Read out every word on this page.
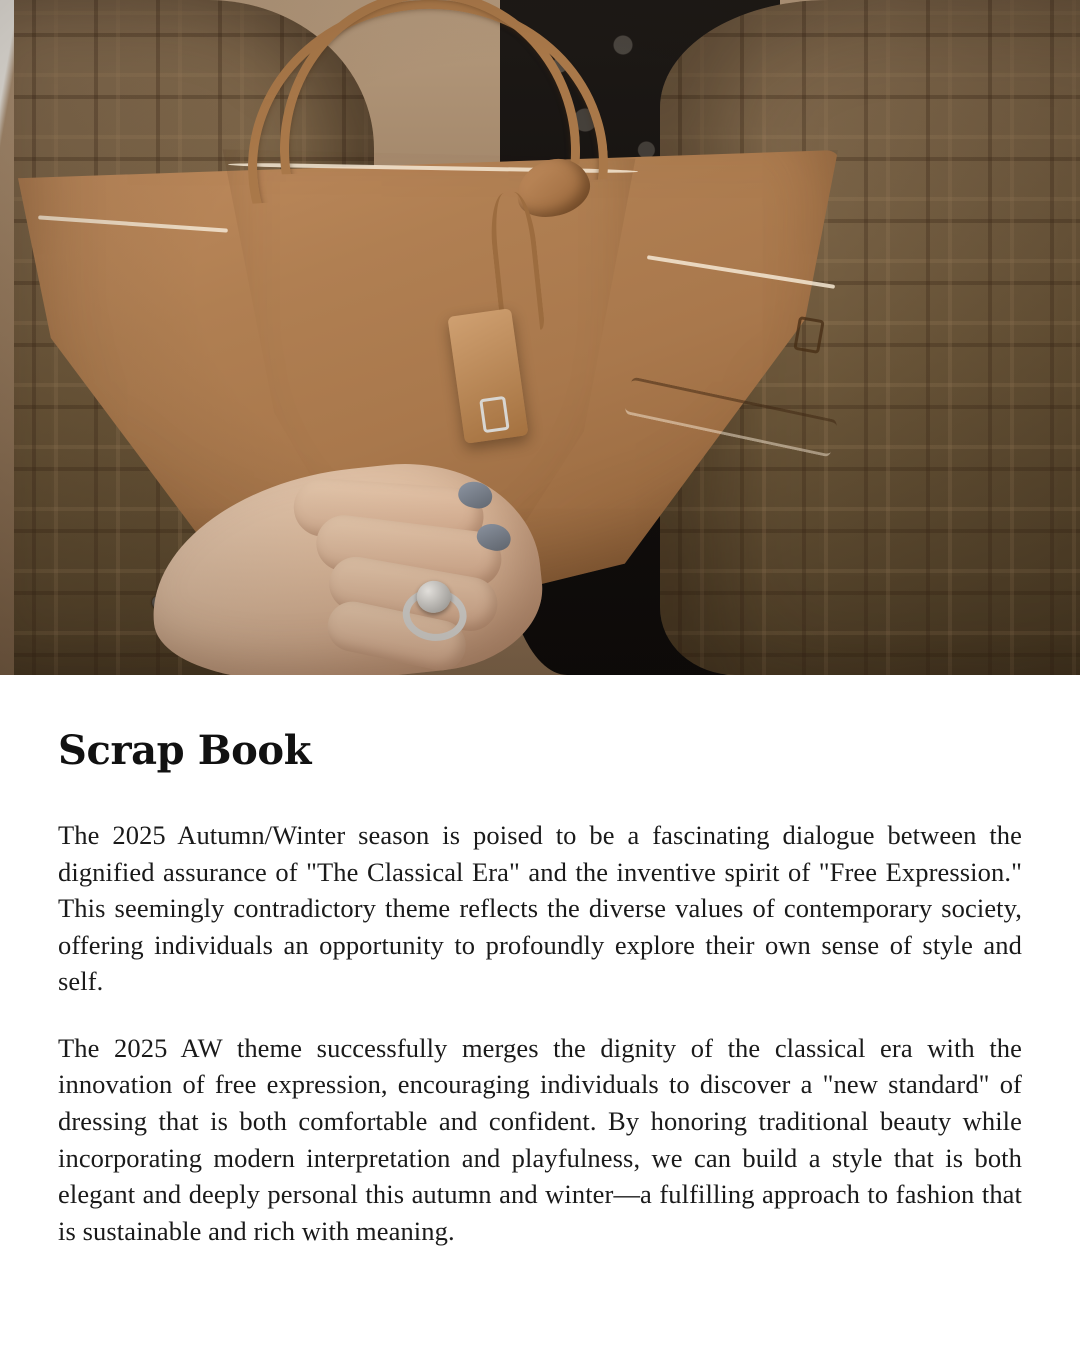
Scrap Book

The 2025 Autumn/Winter season is poised to be a fascinating dialogue between the dignified assurance of "The Classical Era" and the inventive spirit of "Free Expression." This seemingly contradictory theme reflects the diverse values of contemporary society, offering individuals an opportunity to profoundly explore their own sense of style and self.

The 2025 AW theme successfully merges the dignity of the classical era with the innovation of free expression, encouraging individuals to discover a "new standard" of dressing that is both comfortable and confident. By honoring traditional beauty while incorporating modern interpretation and playfulness, we can build a style that is both elegant and deeply personal this autumn and winter—a fulfilling approach to fashion that is sustainable and rich with meaning.
